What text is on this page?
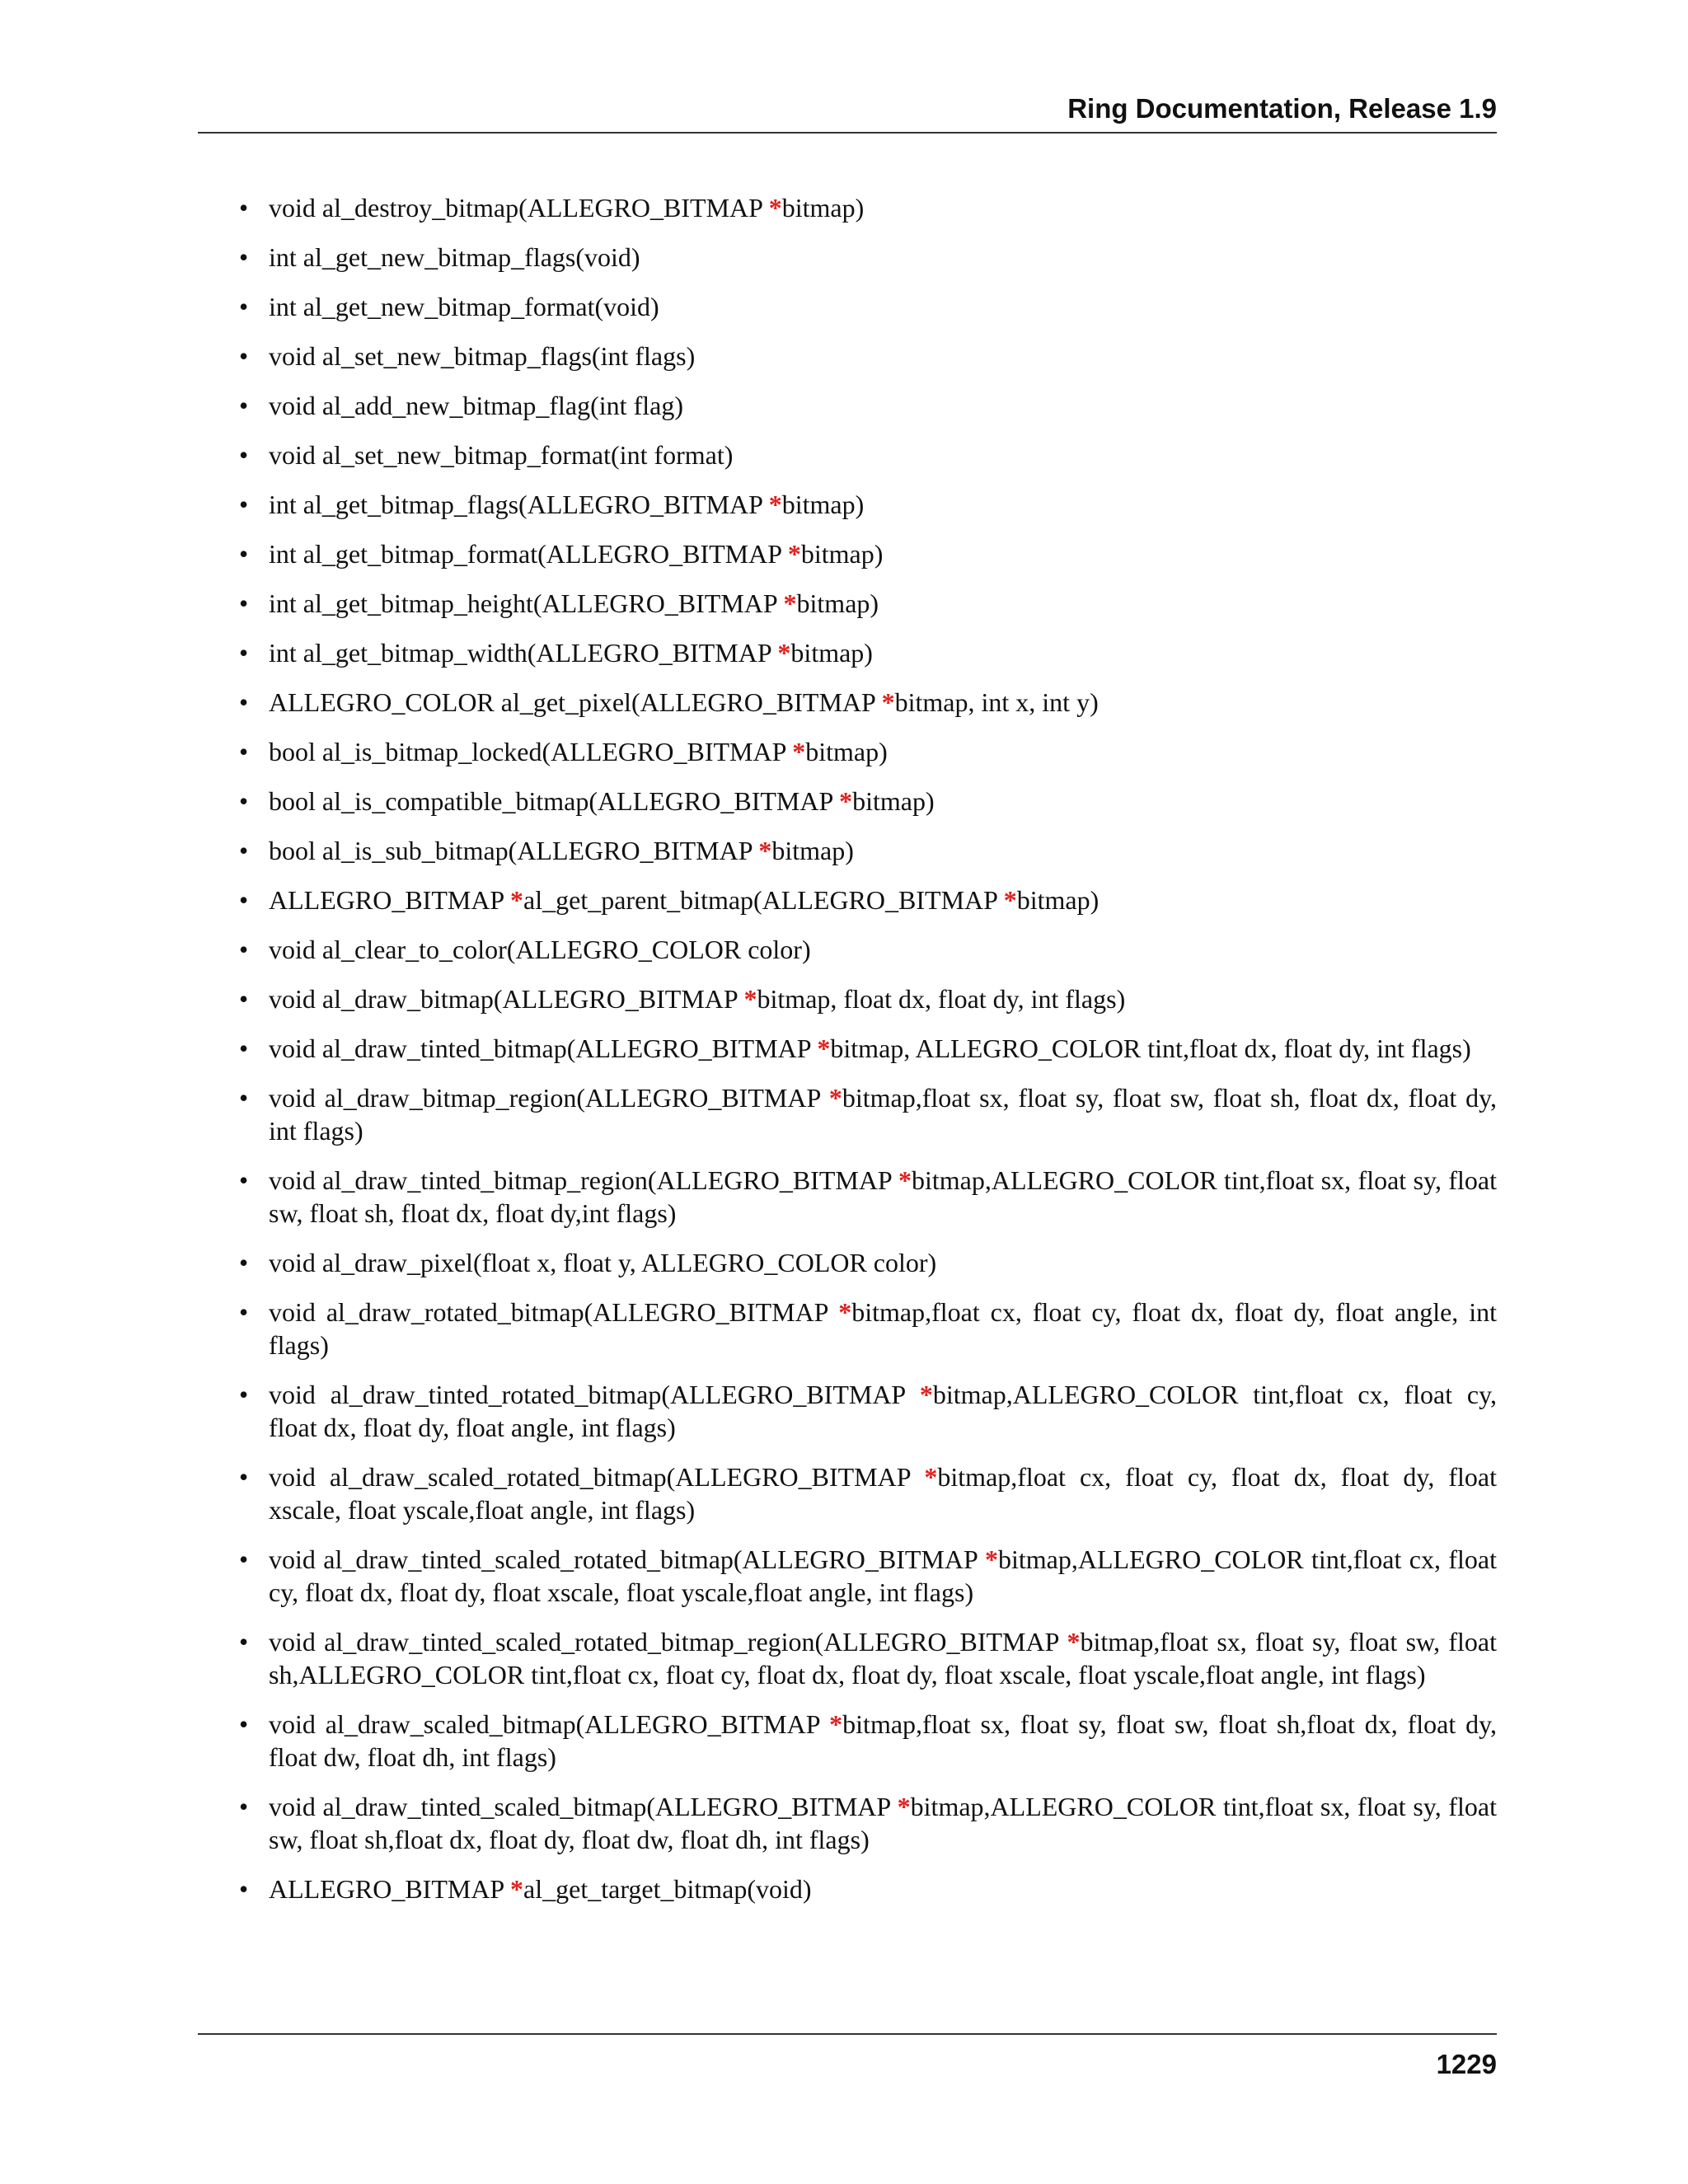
Ring Documentation, Release 1.9
• void al_destroy_bitmap(ALLEGRO_BITMAP *bitmap)
• int al_get_new_bitmap_flags(void)
• int al_get_new_bitmap_format(void)
• void al_set_new_bitmap_flags(int flags)
• void al_add_new_bitmap_flag(int flag)
• void al_set_new_bitmap_format(int format)
• int al_get_bitmap_flags(ALLEGRO_BITMAP *bitmap)
• int al_get_bitmap_format(ALLEGRO_BITMAP *bitmap)
• int al_get_bitmap_height(ALLEGRO_BITMAP *bitmap)
• int al_get_bitmap_width(ALLEGRO_BITMAP *bitmap)
• ALLEGRO_COLOR al_get_pixel(ALLEGRO_BITMAP *bitmap, int x, int y)
• bool al_is_bitmap_locked(ALLEGRO_BITMAP *bitmap)
• bool al_is_compatible_bitmap(ALLEGRO_BITMAP *bitmap)
• bool al_is_sub_bitmap(ALLEGRO_BITMAP *bitmap)
• ALLEGRO_BITMAP *al_get_parent_bitmap(ALLEGRO_BITMAP *bitmap)
• void al_clear_to_color(ALLEGRO_COLOR color)
• void al_draw_bitmap(ALLEGRO_BITMAP *bitmap, float dx, float dy, int flags)
• void al_draw_tinted_bitmap(ALLEGRO_BITMAP *bitmap, ALLEGRO_COLOR tint,float dx, float dy, int flags)
• void al_draw_bitmap_region(ALLEGRO_BITMAP *bitmap,float sx, float sy, float sw, float sh, float dx, float dy, int flags)
• void al_draw_tinted_bitmap_region(ALLEGRO_BITMAP *bitmap,ALLEGRO_COLOR tint,float sx, float sy, float sw, float sh, float dx, float dy,int flags)
• void al_draw_pixel(float x, float y, ALLEGRO_COLOR color)
• void al_draw_rotated_bitmap(ALLEGRO_BITMAP *bitmap,float cx, float cy, float dx, float dy, float angle, int flags)
• void al_draw_tinted_rotated_bitmap(ALLEGRO_BITMAP *bitmap,ALLEGRO_COLOR tint,float cx, float cy, float dx, float dy, float angle, int flags)
• void al_draw_scaled_rotated_bitmap(ALLEGRO_BITMAP *bitmap,float cx, float cy, float dx, float dy, float xscale, float yscale,float angle, int flags)
• void al_draw_tinted_scaled_rotated_bitmap(ALLEGRO_BITMAP *bitmap,ALLEGRO_COLOR tint,float cx, float cy, float dx, float dy, float xscale, float yscale,float angle, int flags)
• void al_draw_tinted_scaled_rotated_bitmap_region(ALLEGRO_BITMAP *bitmap,float sx, float sy, float sw, float sh,ALLEGRO_COLOR tint,float cx, float cy, float dx, float dy, float xscale, float yscale,float angle, int flags)
• void al_draw_scaled_bitmap(ALLEGRO_BITMAP *bitmap,float sx, float sy, float sw, float sh,float dx, float dy, float dw, float dh, int flags)
• void al_draw_tinted_scaled_bitmap(ALLEGRO_BITMAP *bitmap,ALLEGRO_COLOR tint,float sx, float sy, float sw, float sh,float dx, float dy, float dw, float dh, int flags)
• ALLEGRO_BITMAP *al_get_target_bitmap(void)
1229
